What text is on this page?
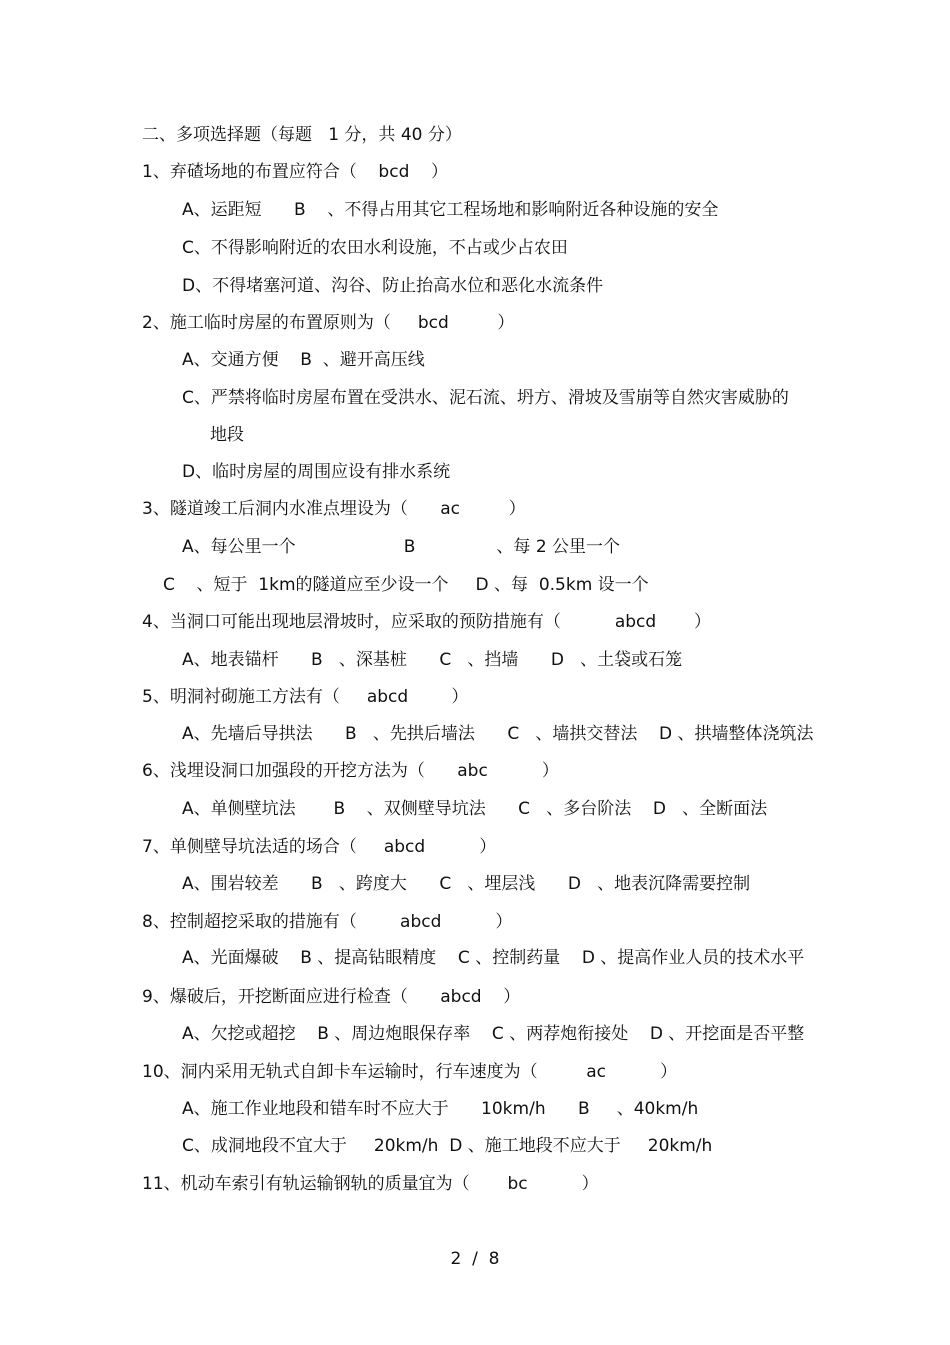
二、多项选择题（每题   1 分，共 40 分）
1、弃碴场地的布置应符合（    bcd    ）
A、运距短      B    、不得占用其它工程场地和影响附近各种设施的安全
C、不得影响附近的农田水利设施，不占或少占农田
D、不得堵塞河道、沟谷、防止抬高水位和恶化水流条件
2、施工临时房屋的布置原则为（     bcd         ）
A、交通方便    B  、避开高压线
C、严禁将临时房屋布置在受洪水、泥石流、坍方、滑坡及雪崩等自然灾害威胁的
地段
D、临时房屋的周围应设有排水系统
3、隧道竣工后洞内水准点埋设为（      ac         ）
A、每公里一个                    B               、每 2 公里一个
C    、短于  1km的隧道应至少设一个     D 、每  0.5km 设一个
4、当洞口可能出现地层滑坡时，应采取的预防措施有（          abcd       ）
A、地表锚杆      B   、深基桩      C   、挡墙      D   、土袋或石笼
5、明洞衬砌施工方法有（     abcd        ）
A、先墙后导拱法      B   、先拱后墙法      C   、墙拱交替法    D 、拱墙整体浇筑法
6、浅埋设洞口加强段的开挖方法为（      abc          ）
A、单侧壁坑法       B    、双侧壁导坑法      C   、多台阶法    D   、全断面法
7、单侧壁导坑法适的场合（     abcd          ）
A、围岩较差      B   、跨度大      C   、埋层浅      D   、地表沉降需要控制
8、控制超挖采取的措施有（        abcd          ）
A、光面爆破    B 、提高钻眼精度    C 、控制药量    D 、提高作业人员的技术水平
9、爆破后，开挖断面应进行检查（      abcd    ）
A、欠挖或超挖    B 、周边炮眼保存率    C 、两荐炮衔接处    D 、开挖面是否平整
10、洞内采用无轨式自卸卡车运输时，行车速度为（         ac          ）
A、施工作业地段和错车时不应大于      10km/h      B     、40km/h
C、成洞地段不宜大于     20km/h  D 、施工地段不应大于     20km/h
11、机动车索引有轨运输钢轨的质量宜为（       bc          ）
2  /  8
